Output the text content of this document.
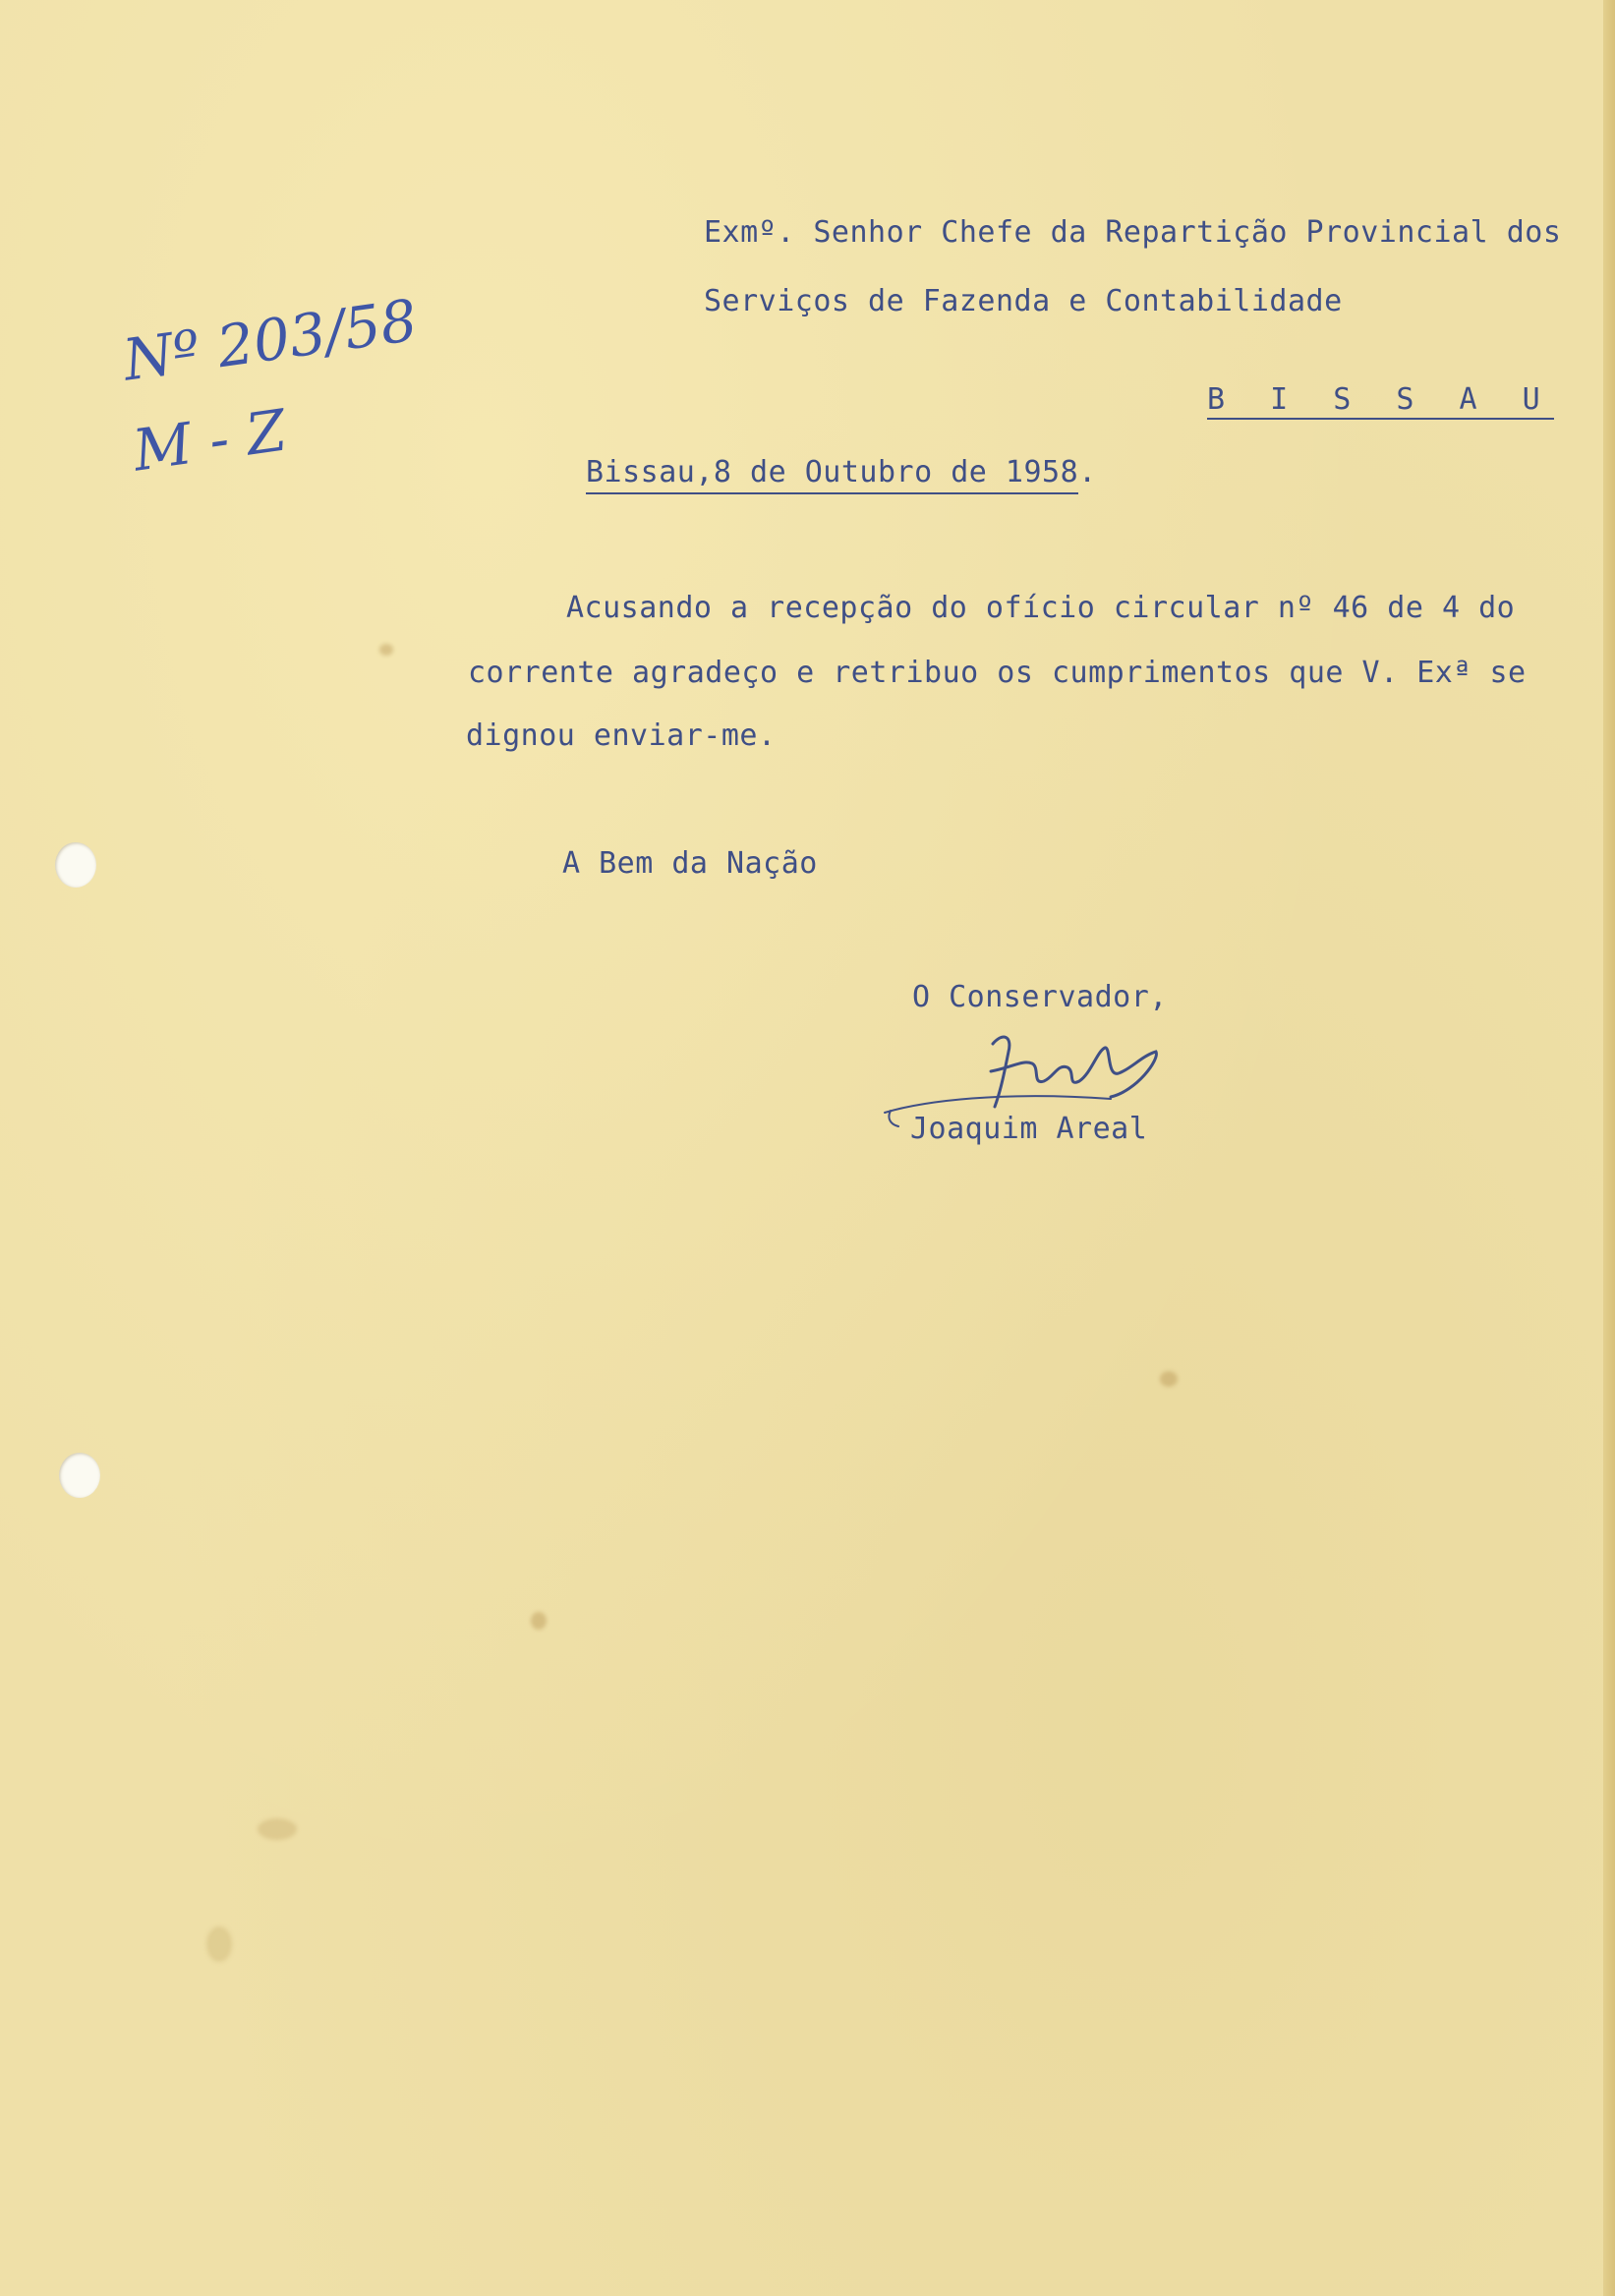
Exmº. Senhor Chefe da Repartição Provincial dos
Serviços de Fazenda e Contabilidade
B I S S A U
Nº 203/58
M - Z	Bissau,8 de Outubro de 1958.
Acusando a recepção do ofício circular nº 46 de 4 do
corrente agradeço e retribuo os cumprimentos que V. Exª se
dignou enviar-me.
A Bem da Nação
O Conservador,
Joaquim Areal
